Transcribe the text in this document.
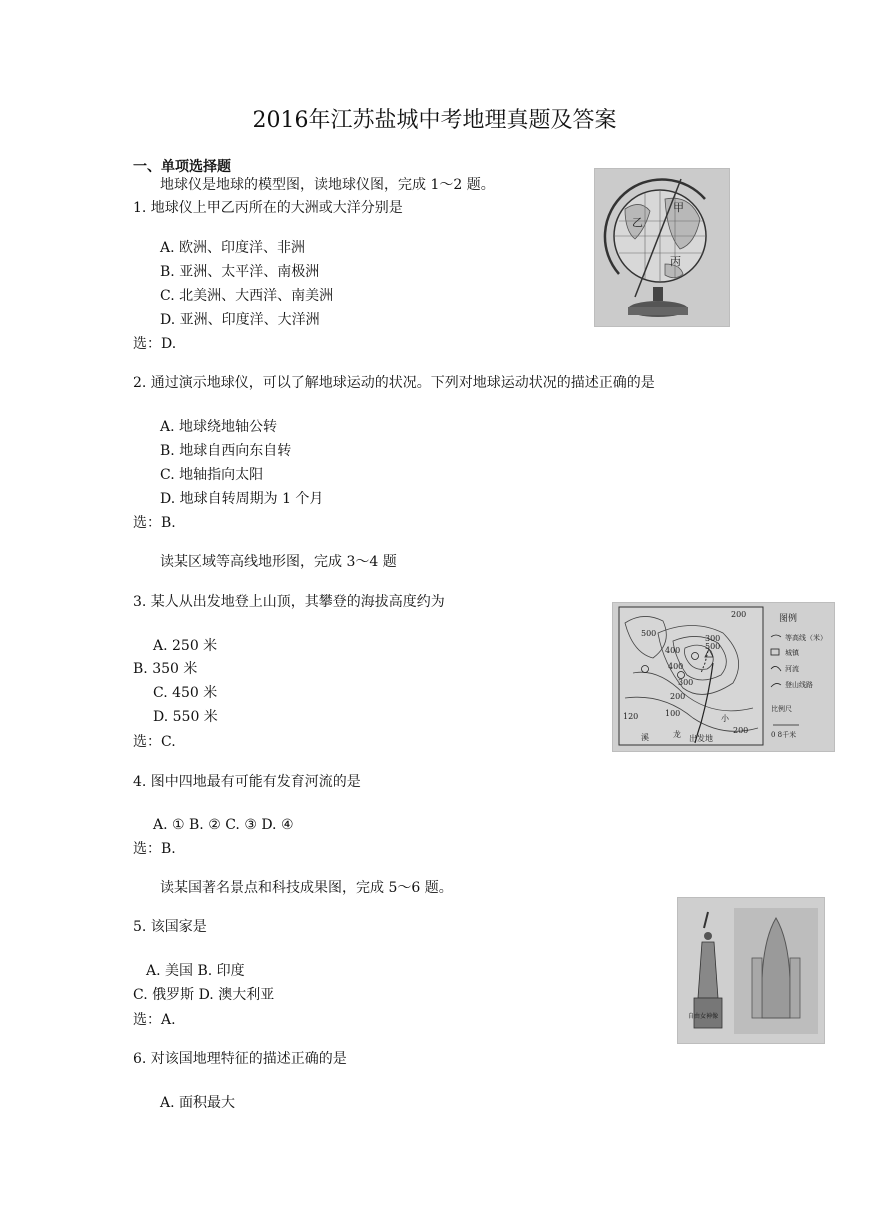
2016年江苏盐城中考地理真题及答案
一、单项选择题
地球仪是地球的模型图，读地球仪图，完成 1～2 题。
1. 地球仪上甲乙丙所在的大洲或大洋分别是
A. 欧洲、印度洋、非洲
B. 亚洲、太平洋、南极洲
C. 北美洲、大西洋、南美洲
D. 亚洲、印度洋、大洋洲
选：D.
2. 通过演示地球仪，可以了解地球运动的状况。下列对地球运动状况的描述正确的是
A. 地球绕地轴公转
B. 地球自西向东自转
C. 地轴指向太阳
D. 地球自转周期为 1 个月
选：B.
读某区域等高线地形图，完成 3～4 题
3. 某人从出发地登上山顶，其攀登的海拔高度约为
A. 250 米
B. 350 米
C. 450 米
D. 550 米
选：C.
4. 图中四地最有可能有发育河流的是
A. ① B. ② C. ③ D. ④
选：B.
读某国著名景点和科技成果图，完成 5～6 题。
5. 该国家是
A. 美国 B. 印度
C. 俄罗斯 D. 澳大利亚
选：A.
6. 对该国地理特征的描述正确的是
A. 面积最大
甲
乙
丙
500
400
300
200
100
200
500
400
300
200
120
出发地
溪	龙
小
图例
等高线（米）
城镇
河流
登山线路
比例尺
0 8千米
自由女神像
